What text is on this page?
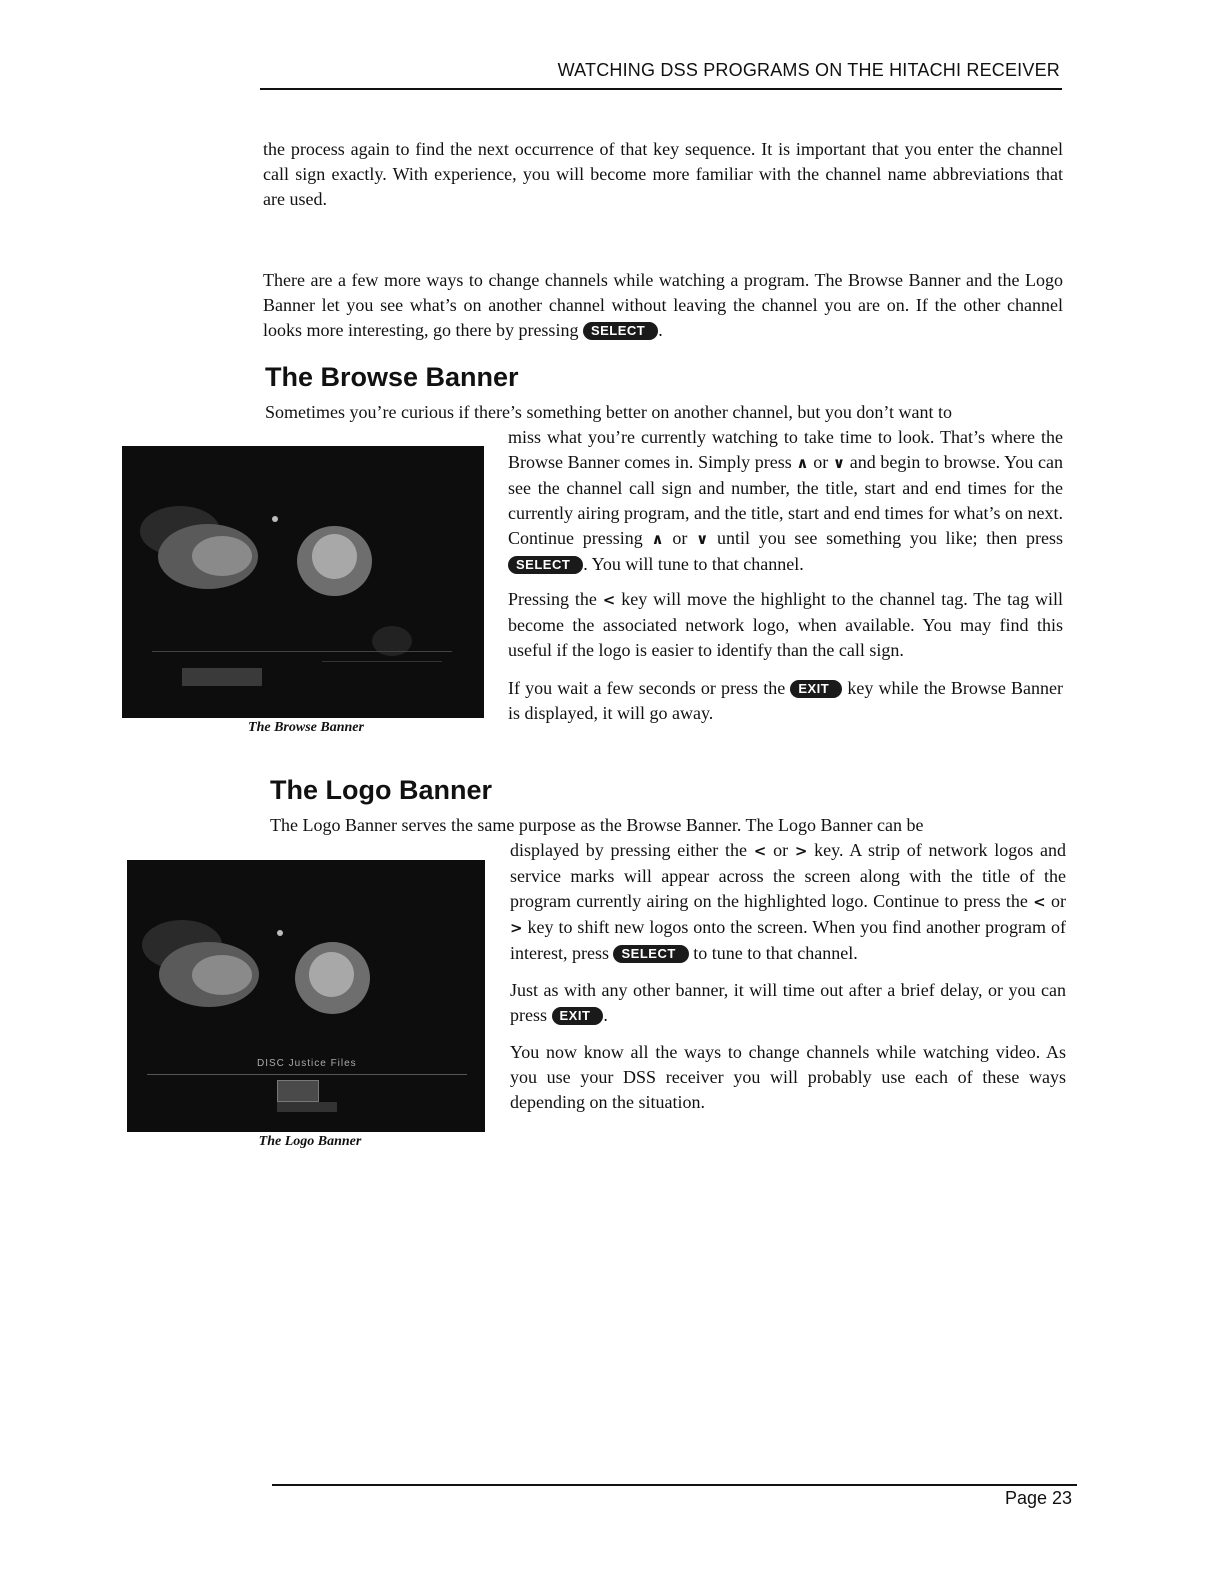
WATCHING DSS PROGRAMS ON THE HITACHI RECEIVER

the process again to find the next occurrence of that key sequence. It is important that you enter the channel call sign exactly. With experience, you will become more familiar with the channel name abbreviations that are used.

There are a few more ways to change channels while watching a program. The Browse Banner and the Logo Banner let you see what’s on another channel without leaving the channel you are on. If the other channel looks more interesting, go there by pressing SELECT .

The Browse Banner

Sometimes you’re curious if there’s something better on another channel, but you don’t want to

The Browse Banner

miss what you’re currently watching to take time to look. That’s where the Browse Banner comes in. Simply press ∧ or ∨ and begin to browse. You can see the channel call sign and number, the title, start and end times for the currently airing program, and the title, start and end times for what’s on next. Continue pressing ∧ or ∨ until you see something you like; then press SELECT . You will tune to that channel.

Pressing the < key will move the highlight to the channel tag. The tag will become the associated network logo, when available. You may find this useful if the logo is easier to identify than the call sign.

If you wait a few seconds or press the EXIT key while the Browse Banner is displayed, it will go away.

The Logo Banner

The Logo Banner serves the same purpose as the Browse Banner. The Logo Banner can be

DISC Justice Files
The Logo Banner

displayed by pressing either the < or > key. A strip of network logos and service marks will appear across the screen along with the title of the program currently airing on the highlighted logo. Continue to press the < or > key to shift new logos onto the screen. When you find another program of interest, press SELECT to tune to that channel.

Just as with any other banner, it will time out after a brief delay, or you can press EXIT .

You now know all the ways to change channels while watching video. As you use your DSS receiver you will probably use each of these ways depending on the situation.

Page 23
